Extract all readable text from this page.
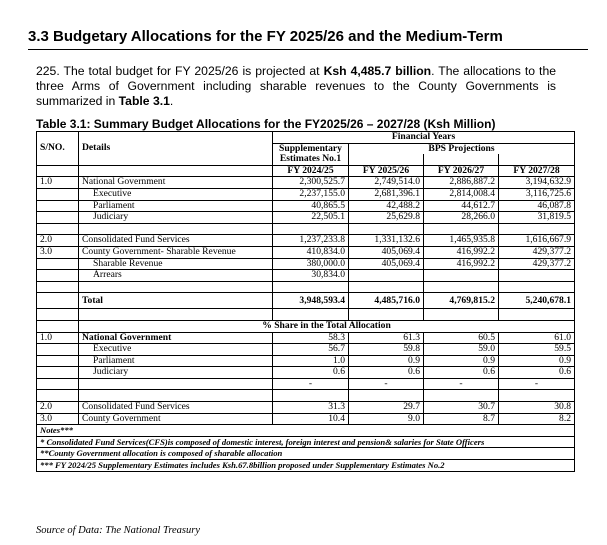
3.3 Budgetary Allocations for the FY 2025/26 and the Medium-Term
225. The total budget for FY 2025/26 is projected at Ksh 4,485.7 billion. The allocations to the three Arms of Government including sharable revenues to the County Governments is summarized in Table 3.1.
Table 3.1: Summary Budget Allocations for the FY2025/26 – 2027/28 (Ksh Million)
		Financial Years			
S/NO.	Details	Supplementary	BPS Projections		
		Estimates No.1			
		FY 2024/25	FY 2025/26	FY 2026/27	FY 2027/28
1.0	National Government	2,300,525.7	2,749,514.0	2,886,887.2	3,194,632.9
	Executive	2,237,155.0	2,681,396.1	2,814,008.4	3,116,725.6
	Parliament	40,865.5	42,488.2	44,612.7	46,087.8
	Judiciary	22,505.1	25,629.8	28,266.0	31,819.5

2.0	Consolidated Fund Services	1,237,233.8	1,331,132.6	1,465,935.8	1,616,667.9
3.0	County Government- Sharable Revenue	410,834.0	405,069.4	416,992.2	429,377.2
	Sharable Revenue	380,000.0	405,069.4	416,992.2	429,377.2
	Arrears	30,834.0			

	Total	3,948,593.4	4,485,716.0	4,769,815.2	5,240,678.1

	% Share in the Total Allocation				
1.0	National Government	58.3	61.3	60.5	61.0
	Executive	56.7	59.8	59.0	59.5
	Parliament	1.0	0.9	0.9	0.9
	Judiciary	0.6	0.6	0.6	0.6
		-	-	-	-

2.0	Consolidated Fund Services	31.3	29.7	30.7	30.8
3.0	County Government	10.4	9.0	8.7	8.2
Notes***					
* Consolidated Fund Services(CFS)is composed of domestic interest, foreign interest and pension& salaries for State Officers					
**County Government allocation is composed of sharable allocation					
*** FY 2024/25 Supplementary Estimates includes Ksh.67.8billion proposed under Supplementary Estimates No.2					
Source of Data: The National Treasury
